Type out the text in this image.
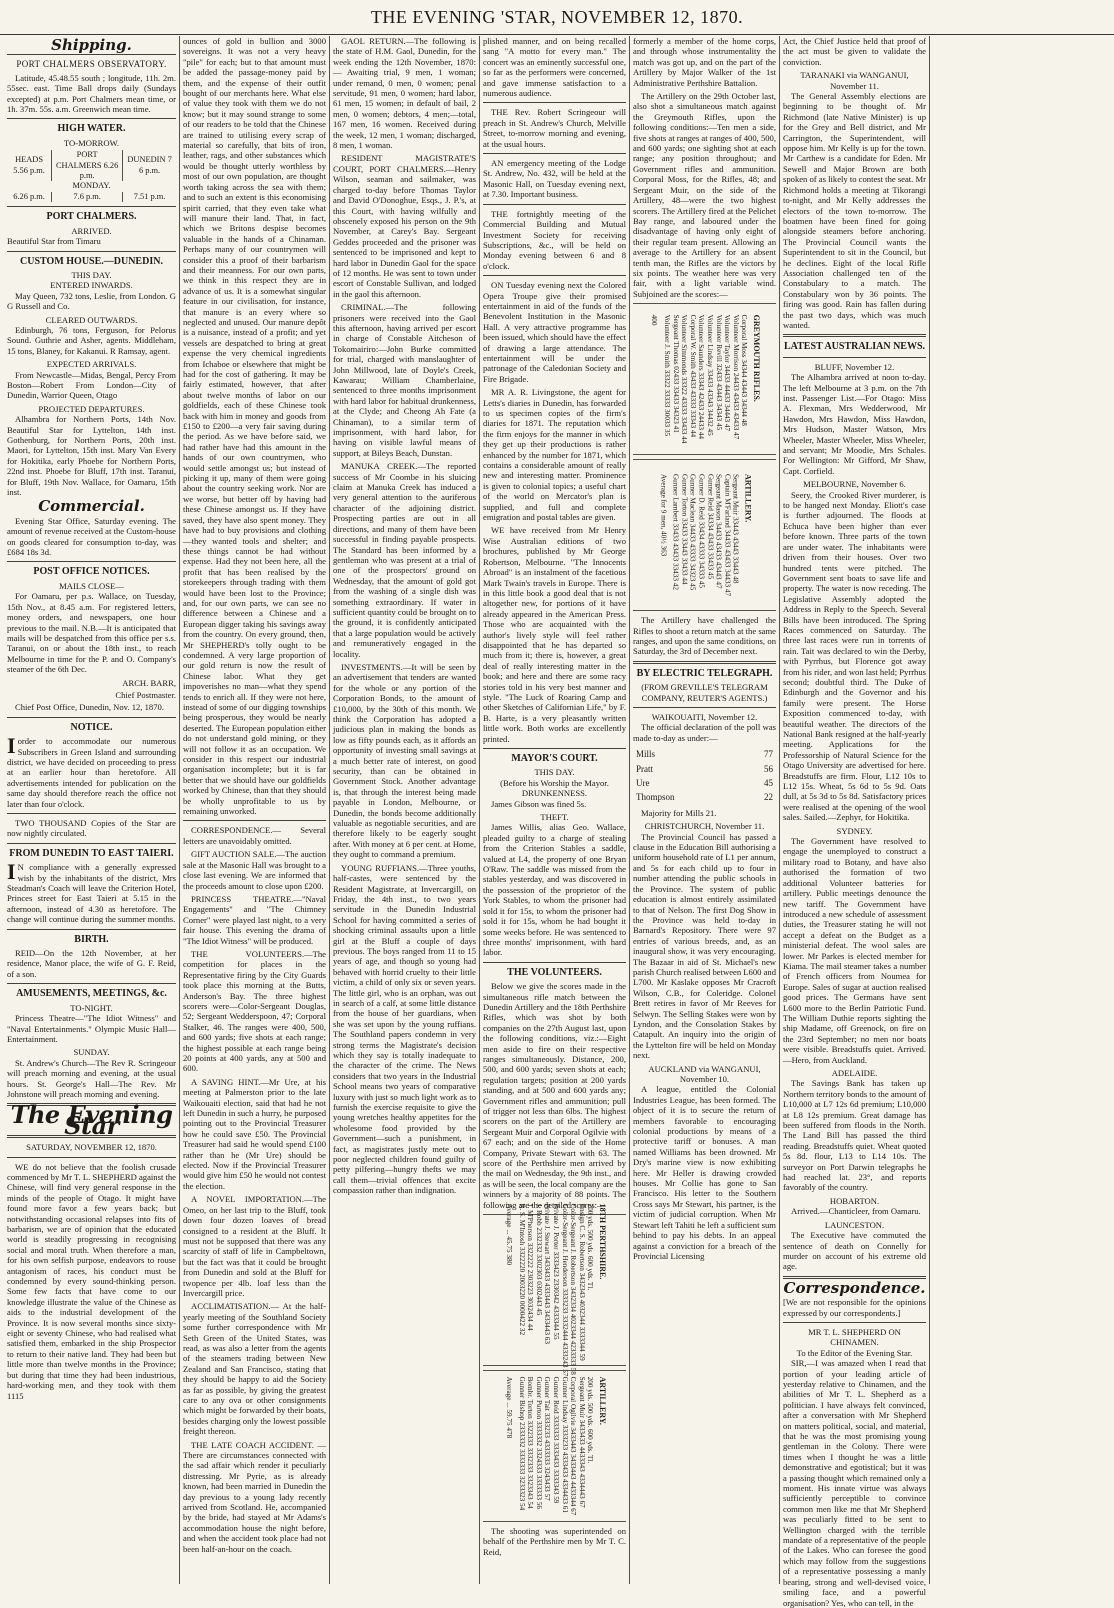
THE EVENING 'STAR, NOVEMBER 12, 1870.
Shipping.
PORT CHALMERS OBSERVATORY.

Latitude, 45.48.55 south ; longitude, 11h. 2m. 55sec. east. Time Ball drops daily (Sundays excepted) at p.m. Port Chalmers mean time, or 1h. 37m. 55s. a.m. Greenwich mean time.

HIGH WATER.
TO-MORROW.
HEADS 5.56 p.m.	PORT CHALMERS 6.26 p.m.	DUNEDIN 7 6 p.m.
MONDAY.		
6.26 p.m.	7.6 p.m.	7.51 p.m.
PORT CHALMERS.
ARRIVED.

Beautiful Star from Timaru

CUSTOM HOUSE.—DUNEDIN.
THIS DAY.
ENTERED INWARDS.

May Queen, 732 tons, Leslie, from London. G G Russell and Co.

CLEARED OUTWARDS.

Edinburgh, 76 tons, Ferguson, for Pelorus Sound. Guthrie and Asher, agents. Middleham, 15 tons, Blaney, for Kakanui. R Ramsay, agent.

EXPECTED ARRIVALS.

From Newcastle—Midas, Bengal, Percy From Boston—Robert From London—City of Dunedin, Warrior Queen, Otago

PROJECTED DEPARTURES.

Alhambra for Northern Ports, 14th Nov. Beautiful Star for Lyttelton, 14th inst. Gothenburg, for Northern Ports, 20th inst. Maori, for Lyttelton, 15th inst. Mary Van Every for Hokitika, early Phoebe for Northern Ports, 22nd inst. Phoebe for Bluff, 17th inst. Taranui, for Bluff, 19th Nov. Wallace, for Oamaru, 15th inst.

Commercial.

Evening Star Office, Saturday evening. The amount of revenue received at the Custom-house on goods cleared for consumption to-day, was £684 18s 3d.

POST OFFICE NOTICES.
MAILS CLOSE—

For Oamaru, per p.s. Wallace, on Tuesday, 15th Nov., at 8.45 a.m. For registered letters, money orders, and newspapers, one hour previous to the mail. N.B.—It is anticipated that mails will be despatched from this office per s.s. Taranui, on or about the 18th inst., to reach Melbourne in time for the P. and O. Company's steamer of the 6th Dec.

ARCH. BARR,
Chief Postmaster.

Chief Post Office, Dunedin, Nov. 12, 1870.

NOTICE.

Iorder to accommodate our numerous Subscribers in Green Island and surrounding district, we have decided on proceeding to press at an earlier hour than heretofore. All advertisements intended for publication on the same day should therefore reach the office not later than four o'clock.

TWO THOUSAND Copies of the Star are now nightly circulated.

FROM DUNEDIN TO EAST TAIERI.

I N compliance with a generally expressed wish by the inhabitants of the district, Mrs Steadman's Coach will leave the Criterion Hotel, Princes street for East Taieri at 5.15 in the afternoon, instead of 4.30 as heretofore. The change will continue during the summer months.

BIRTH.

REID—On the 12th November, at her residence, Manor place, the wife of G. F. Reid, of a son.

AMUSEMENTS, MEETINGS, &c.
TO-NIGHT.

Princess Theatre—"The Idiot Witness" and "Naval Entertainments." Olympic Music Hall—Entertainment.

SUNDAY.

St. Andrew's Church—The Rev R. Scringeour will preach morning and evening, at the usual hours. St. George's Hall—The Rev. Mr Johnstone will preach morning and evening.

The Evening Star
SATURDAY, NOVEMBER 12, 1870.

WE do not believe that the foolish crusade commenced by Mr T. L. SHEPHERD against the Chinese, will find very general response in the minds of the people of Otago. It might have found more favor a few years back; but notwithstanding occasional relapses into fits of barbarism, we are of opinion that the educated world is steadily progressing in recognising social and moral truth. When therefore a man, for his own selfish purpose, endeavors to rouse antagonism of races, his conduct must be condemned by every sound-thinking person. Some few facts that have come to our knowledge illustrate the value of the Chinese as aids to the industrial development of the Province. It is now several months since sixty-eight or seventy Chinese, who had realised what satisfied them, embarked in the ship Prospector to return to their native land. They had been but little more than twelve months in the Province; but during that time they had been industrious, hard-working men, and they took with them 1115

ounces of gold in bullion and 3000 sovereigns. It was not a very heavy "pile" for each; but to that amount must be added the passage-money paid by them, and the expense of their outfit bought of our merchants here. What else of value they took with them we do not know; but it may sound strange to some of our readers to be told that the Chinese are trained to utilising every scrap of material so carefully, that bits of iron, leather, rags, and other substances which would be thought utterly worthless by most of our own population, are thought worth taking across the sea with them; and to such an extent is this economising spirit carried, that they even take what will manure their land. That, in fact, which we Britons despise becomes valuable in the hands of a Chinaman. Perhaps many of our countrymen will consider this a proof of their barbarism and their meanness. For our own parts, we think in this respect they are in advance of us. It is a somewhat singular feature in our civilisation, for instance, that manure is an every where so neglected and unused. Our manure depôt is a nuisance, instead of a profit; and yet vessels are despatched to bring at great expense the very chemical ingredients from Ichaboe or elsewhere that might be had for the cost of gathering. It may be fairly estimated, however, that after about twelve months of labor on our goldfields, each of these Chinese took back with him in money and goods from £150 to £200—a very fair saving during the period. As we have before said, we had rather have had this amount in the hands of our own countrymen, who would settle amongst us; but instead of picking it up, many of them were going about the country seeking work. Nor are we worse, but better off by having had these Chinese amongst us. If they have saved, they have also spent money. They have had to buy provisions and clothing—they wanted tools and shelter; and these things cannot be had without expense. Had they not been here, all the profit that has been realised by the storekeepers through trading with them would have been lost to the Province; and, for our own parts, we can see no difference between a Chinese and a European digger taking his savings away from the country. On every ground, then, Mr SHEPHERD's tolly ought to be condemned. A very large proportion of our gold return is now the result of Chinese labor. What they get impoverishes no man—what they spend tends to enrich all. If they were not here, instead of some of our digging townships being prosperous, they would be nearly deserted. The European population either do not understand gold mining, or they will not follow it as an occupation. We consider in this respect our industrial organisation incomplete; but it is far better that we should have our goldfields worked by Chinese, than that they should be wholly unprofitable to us by remaining unworked.

CORRESPONDENCE.— Several letters are unavoidably omitted.

GIFT AUCTION SALE.—The auction sale at the Masonic Hall was brought to a close last evening. We are informed that the proceeds amount to close upon £200.

PRINCESS THEATRE.—"Naval Engagements" and "The Chimney Corner" were played last night, to a very fair house. This evening the drama of "The Idiot Witness" will be produced.

THE VOLUNTEERS.—The competition for places in the Representative firing by the City Guards took place this morning at the Butts, Anderson's Bay. The three highest scorers were—Color-Sergeant Douglas, 52; Sergeant Wedderspoon, 47; Corporal Stalker, 46. The ranges were 400, 500, and 600 yards; five shots at each range; the highest possible at each range being 20 points at 400 yards, any at 500 and 600.

A SAVING HINT.—Mr Ure, at his meeting at Palmerston prior to the late Waikouaiti election, said that had he not left Dunedin in such a hurry, he purposed pointing out to the Provincial Treasurer how he could save £50. The Provincial Treasurer had said he would spend £100 rather than he (Mr Ure) should be elected. Now if the Provincial Treasurer would give him £50 he would not contest the election.

A NOVEL IMPORTATION.—The Omeo, on her last trip to the Bluff, took down four dozen loaves of bread consigned to a resident at the Bluff. It must not be supposed that there was any scarcity of staff of life in Campbeltown, but the fact was that it could be brought from Dunedin and sold at the Bluff for twopence per 4lb. loaf less than the Invercargill price.

ACCLIMATISATION.— At the half-yearly meeting of the Southland Society some further correspondence with Mr Seth Green of the United States, was read, as was also a letter from the agents of the steamers trading between New Zealand and San Francisco, stating that they should be happy to aid the Society as far as possible, by giving the greatest care to any ova or other consignments which might be forwarded by their boats, besides charging only the lowest possible freight thereon.

THE LATE COACH ACCIDENT. — There are circumstances connected with the sad affair which render it peculiarly distressing. Mr Pyrie, as is already known, had been married in Dunedin the day previous to a young lady recently arrived from Scotland. He, accompanied by the bride, had stayed at Mr Adams's accommodation house the night before, and when the accident took place had not been half-an-hour on the coach.

GAOL RETURN.—The following is the state of H.M. Gaol, Dunedin, for the week ending the 12th November, 1870:— Awaiting trial, 9 men, 1 woman; under remand, 0 men, 0 women; penal servitude, 91 men, 0 women; hard labor, 61 men, 15 women; in default of bail, 2 men, 0 women; debtors, 4 men;—total, 167 men, 16 women. Received during the week, 12 men, 1 woman; discharged, 8 men, 1 woman.

RESIDENT MAGISTRATE'S COURT, PORT CHALMERS.—Henry Wilson, seaman and sailmaker, was charged to-day before Thomas Taylor and David O'Donoghue, Esqs., J. P.'s, at this Court, with having wilfully and obscenely exposed his person on the 9th November, at Carey's Bay. Sergeant Geddes proceeded and the prisoner was sentenced to be imprisoned and kept to hard labor in Dunedin Gaol for the space of 12 months. He was sent to town under escort of Constable Sullivan, and lodged in the gaol this afternoon.

CRIMINAL.—The following prisoners were received into the Gaol this afternoon, having arrived per escort in charge of Constable Aitcheson of Tokomairiro:—John Burke committed for trial, charged with manslaughter of John Millwood, late of Doyle's Creek, Kawarau; William Chamberlaine, sentenced to three months imprisonment with hard labor for habitual drunkenness, at the Clyde; and Cheong Ah Fate (a Chinaman), to a similar term of imprisonment, with hard labor, for having on visible lawful means of support, at Bileys Beach, Dunstan.

MANUKA CREEK.—The reported success of Mr Coombe in his sluicing claim at Manuka Creek has induced a very general attention to the auriferous character of the adjoining district. Prospecting parties are out in all directions, and many of them have been successful in finding payable prospects. The Standard has been informed by a gentleman who was present at a trial of one of the prospectors' ground on Wednesday, that the amount of gold got from the washing of a single dish was something extraordinary. If water in sufficient quantity could be brought on to the ground, it is confidently anticipated that a large population would be actively and remuneratively engaged in the locality.

INVESTMENTS.—It will be seen by an advertisement that tenders are wanted for the whole or any portion of the Corporation Bonds, to the amount of £10,000, by the 30th of this month. We think the Corporation has adopted a judicious plan in making the bonds as low as fifty pounds each, as it affords an opportunity of investing small savings at a much better rate of interest, on good security, than can be obtained in Government Stock. Another advantage is, that through the interest being made payable in London, Melbourne, or Dunedin, the bonds become additionally valuable as negotiable securities, and are therefore likely to be eagerly sought after. With money at 6 per cent. at Home, they ought to command a premium.

YOUNG RUFFIANS.—Three youths, half-castes, were sentenced by the Resident Magistrate, at Invercargill, on Friday, the 4th inst., to two years servitude in the Dunedin Industrial School for having committed a series of shocking criminal assaults upon a little girl at the Bluff a couple of days previous. The boys ranged from 11 to 15 years of age, and though so young had behaved with horrid cruelty to their little victim, a child of only six or seven years. The little girl, who is an orphan, was out in search of a calf, at some little distance from the house of her guardians, when she was set upon by the young ruffians. The Southland papers condemn in very strong terms the Magistrate's decision which they say is totally inadequate to the character of the crime. The News considers that two years in the Industrial School means two years of comparative luxury with just so much light work as to furnish the exercise requisite to give the young wretches healthy appetites for the wholesome food provided by the Government—such a punishment, in fact, as magistrates justly mete out to poor neglected children found guilty of petty pilfering—hungry thefts we may call them—trivial offences that excite compassion rather than indignation.

plished manner, and on being recalled sang "A motto for every man." The concert was an eminently successful one, so far as the performers were concerned, and gave immense satisfaction to a numerous audience.

THE Rev. Robert Scringeour will preach in St. Andrew's Church, Melville Street, to-morrow morning and evening, at the usual hours.

AN emergency meeting of the Lodge St. Andrew, No. 432, will be held at the Masonic Hall, on Tuesday evening next, at 7.30. Important business.

THE fortnightly meeting of the Commercial Building and Mutual Investment Society for receiving Subscriptions, &c., will be held on Monday evening between 6 and 8 o'clock.

ON Tuesday evening next the Colored Opera Troupe give their promised entertainment in aid of the funds of the Benevolent Institution in the Masonic Hall. A very attractive programme has been issued, which should have the effect of drawing a large attendance. The entertainment will be under the patronage of the Caledonian Society and Fire Brigade.

MR A. R. Livingstone, the agent for Letts's diaries in Dunedin, has forwarded to us specimen copies of the firm's diaries for 1871. The reputation which the firm enjoys for the manner in which they get up their productions is rather enhanced by the number for 1871, which contains a considerable amount of really new and interesting matter. Prominence is given to colonial topics; a useful chart of the world on Mercator's plan is supplied, and full and complete emigration and postal tables are given.

WE have received from Mr Henry Wise Australian editions of two brochures, published by Mr George Robertson, Melbourne. "The Innocents Abroad" is an instalment of the facetious Mark Twain's travels in Europe. There is in this little book a good deal that is not altogether new, for portions of it have already appeared in the American Press. Those who are acquainted with the author's lively style will feel rather disappointed that he has departed so much from it; there is, however, a great deal of really interesting matter in the book; and here and there are some racy stories told in his very best manner and style. "The Luck of Roaring Camp and other Sketches of Californian Life," by F. B. Harte, is a very pleasantly written little work. Both works are excellently printed.

MAYOR'S COURT.
THIS DAY.
(Before his Worship the Mayor.
DRUNKENNESS.

James Gibson was fined 5s.

THEFT.

James Willis, alias Geo. Wallace, pleaded guilty to a charge of stealing from the Criterion Stables a saddle, valued at L4, the property of one Bryan O'Raw. The saddle was missed from the stables yesterday, and was discovered in the possession of the proprietor of the York Stables, to whom the prisoner had sold it for 15s, to whom the prisoner had sold it for 15s, whom he had bought it some weeks before. He was sentenced to three months' imprisonment, with hard labor.

THE VOLUNTEERS.

Below we give the scores made in the simultaneous rifle match between the Dunedin Artillery and the 18th Perthshire Rifles, which was shot by both companies on the 27th August last, upon the following conditions, viz.:—Eight men aside to fire on their respective ranges simultaneously. Distance, 200, 500, and 600 yards; seven shots at each; regulation targets; position at 200 yards standing, and at 500 and 600 yards any; Government rifles and ammunition; pull of trigger not less than 6lbs. The highest scorers on the part of the Artillery are Sergeant Muir and Corporal Ogilvie with 67 each; and on the side of the Home Company, Private Stewart with 63. The score of the Perthshire men arrived by the mail on Wednesday, the 9th inst., and as will be seen, the local company are the winners by a majority of 88 points. The following are the detailed scores:—

18TH PERTHSHIRE.
200 yds. 500 yds. 600 yds. Tl.
Ensign C. S. Robertson 3432343 4032344 3333344 59
Color-Sergeant J. Robertson 3432334 4023344 4233333 58
Color-Sergeant J. Henderson 3333233 3332444 4333243 57
Private J. Porter 3333423 2330342 4333344 55
Private J. Stewart 3433433 4333443 3433443 63
J. Robb 2332332 3302303 0302443 45
J. M'Pherson 3322222 2303223 3032434 44
R. S. M'Intosh 3322220 2003220 0000422 32
Average ... 45.75 380
ARTILLERY.
200 yds. 500 yds. 600 yds. Tl.
Sergeant Muir 3433433 4433343 4334443 67
Corporal Ogilvie 3433443 3433443 4433344 67
Gunner Lindsay 3333233 4333433 4334433 61
Gunner Reid 3333333 3333433 3333343 59
Gunner Tait 3333233 4333333 3243433 57
Gunner Purton 3333332 3324333 3333333 56
Bombr. Torton 3322333 3332333 3323343 54
Gunner Bishop 2333332 3333333 3233323 54
Average ... 59.75 478

The shooting was superintended on behalf of the Perthshire men by Mr T. C. Reid,

formerly a member of the home corps, and through whose instrumentality the match was got up, and on the part of the Artillery by Major Walker of the 1st Administrative Perthshire Battalion.

The Artillery on the 29th October last, also shot a simultaneous match against the Greymouth Rifles, upon the following conditions:—Ten men a side, five shots at ranges at ranges of 400, 500, and 600 yards; one sighting shot at each range; any position throughout; and Government rifles and ammunition. Corporal Moss, for the Rifles, 48; and Sergeant Muir, on the side of the Artillery, 48—were the two highest scorers. The Artillery fired at the Pelichet Bay range, and laboured under the disadvantage of having only eight of their regular team present. Allowing an average to the Artillery for an absent tenth man, the Rifles are the victors by six points. The weather here was very fair, with a light variable wind. Subjoined are the scores:—

GREYMOUTH RIFLES.
Corporal Moss 34344 43443 34344 48
Volunteer Morrison 24433 43433 43433 47
Volunteer Taylor 34433 44433 34443 47
Volunteer Revill 32433 43443 34343 45
Volunteer Lindsay 33433 43343 34432 45
Volunteer Saunders 33343 42433 24433 44
Corporal W. Smith 43433 43333 33343 44
Volunteer Simmonds 33322 43333 33433 44
Sergeant Thomas 02433 33433 34323 41
Volunteer J. Smith 33322 33333 30033 35
400
ARTILLERY.
Sergeant Muir 33443 43443 33443 48
Captain M'Farland 34433 43433 34433 47
Sergeant Mason 34433 43433 43443 47
Gunner Reid 34334 43433 33433 45
Gunner D. Reid 33434 43333 34333 45
Gunner Maclean 34433 43333 34323 45
Gunner Torton 33433 33443 33433 44
Gunner Lambert 33433 43433 33433 42
Average for 9 men, 40½ 363

The Artillery have challenged the Rifles to shoot a return match at the same ranges, and upon the same conditions, on Saturday, the 3rd of December next.

BY ELECTRIC TELEGRAPH.
(FROM GREVILLE'S TELEGRAM COMPANY, REUTER'S AGENTS.)
WAIKOUAITI, November 12.

The official declaration of the poll was made to-day as under:—

Mills	77
Pratt	56
Ure	45
Thompson	22

Majority for Mills 21.

CHRISTCHURCH, November 11.

The Provincial Council has passed a clause in the Education Bill authorising a uniform household rate of L1 per annum, and 5s for each child up to four in number attending the public schools in the Province. The system of public education is almost entirely assimilated to that of Nelson. The first Dog Show in the Province was held to-day in Barnard's Repository. There were 97 entries of various breeds, and, as an inaugural show, it was very encouraging. The Bazaar in aid of St. Michael's new parish Church realised between L600 and L700. Mr Kaslake opposes Mr Cracroft Wilson, C.B., for Coleridge. Colonel Brett retires in favor of Mr Reeves for Selwyn. The Selling Stakes were won by Lyndon, and the Consolation Stakes by Catapult. An inquiry into the origin of the Lyttelton fire will be held on Monday next.

AUCKLAND via WANGANUI, November 10.

A league, entitled the Colonial Industries League, has been formed. The object of it is to secure the return of members favorable to encouraging colonial productions by means of a protective tariff or bonuses. A man named Williams has been drowned. Mr Dry's marine view is now exhibiting here. Mr Heller is drawing crowded houses. Mr Collie has gone to San Francisco. His letter to the Southern Cross says Mr Stewart, his partner, is the victim of judicial corruption. When Mr Stewart left Tahiti he left a sufficient sum behind to pay his debts. In an appeal against a conviction for a breach of the Provincial Licensing

Act, the Chief Justice held that proof of the act must be given to validate the conviction.

TARANAKI via WANGANUI, November 11.

The General Assembly elections are beginning to be thought of. Mr Richmond (late Native Minister) is up for the Grey and Bell district, and Mr Carrington, the Superintendent, will oppose him. Mr Kelly is up for the town. Mr Carthew is a candidate for Eden. Mr Sewell and Major Brown are both spoken of as likely to contest the seat. Mr Richmond holds a meeting at Tikorangi to-night, and Mr Kelly addresses the electors of the town to-morrow. The boatmen have been fined for going alongside steamers before anchoring. The Provincial Council wants the Superintendent to sit in the Council, but he declines. Eight of the local Rifle Association challenged ten of the Constabulary to a match. The Constabulary won by 36 points. The firing was good. Rain has fallen during the past two days, which was much wanted.

LATEST AUSTRALIAN NEWS.
BLUFF, November 12.

The Alhambra arrived at noon to-day. The left Melbourne at 3 p.m. on the 7th inst. Passenger List.—For Otago: Miss A. Flexman, Mrs Wedderwood, Mr Hawdon, Mrs Hawdon, Miss Hawdon, Mrs Hudson, Master Watson, Mrs Wheeler, Master Wheeler, Miss Wheeler, and servant; Mr Moodie, Mrs Schales. For Wellington: Mr Gifford, Mr Shaw, Capt. Corfield.

MELBOURNE, November 6.

Seery, the Crooked River murderer, is to be hanged next Monday. Eliott's case is further adjourned. The floods at Echuca have been higher than ever before known. Three parts of the town are under water. The inhabitants were driven from their houses. Over two hundred tents were pitched. The Government sent boats to save life and property. The water is now receding. The Legislative Assembly adopted the Address in Reply to the Speech. Several Bills have been introduced. The Spring Races commenced on Saturday. The three last races were run in torrents of rain. Tait was declared to win the Derby, with Pyrrhus, but Florence got away from his rider, and won last held; Pyrrhus second; doubtful third. The Duke of Edinburgh and the Governor and his family were present. The Horse Exposition commenced to-day, with beautiful weather. The directors of the National Bank resigned at the half-yearly meeting. Applications for the Professorship of Natural Science for the Otago University are advertised for here. Breadstuffs are firm. Flour, L12 10s to L12 15s. Wheat, 5s 6d to 5s 9d. Oats dull, at 5s 3d to 5s 8d. Satisfactory prices were realised at the opening of the wool sales. Sailed.—Zephyr, for Hokitika.

SYDNEY.

The Government have resolved to engage the unemployed to construct a military road to Botany, and have also authorised the formation of two additional Volunteer batteries for artillery. Public meetings denounce the new tariff. The Government have introduced a new schedule of assessment duties, the Treasurer stating he will not accept a defeat on the Budget as a ministerial defeat. The wool sales are lower. Mr Parkes is elected member for Kiama. The mail steamer takes a number of French officers from Noumea for Europe. Sales of sugar at auction realised good prices. The Germans have sent L600 more to the Berlin Patriotic Fund. The William Duthie reports sighting the ship Madame, off Greenock, on fire on the 23rd September; no men nor boats were visible. Breadstuffs quiet. Arrived.—Hero, from Auckland.

ADELAIDE.

The Savings Bank has taken up Northern territory bonds to the amount of L10,000 at L7 12s 6d premium; L10,000 at L8 12s premium. Great damage has been suffered from floods in the North. The Land Bill has passed the third reading. Breadstuffs quiet. Wheat quoted 5s 8d. flour, L13 to L14 10s. The surveyor on Port Darwin telegraphs he had reached lat. 23°, and reports favorably of the country.

HOBARTON.

Arrived.—Chanticleer, from Oamaru.

LAUNCESTON.

The Executive have commuted the sentence of death on Connelly for murder on account of his extreme old age.

Correspondence.

[We are not responsible for the opinions expressed by our correspondents.]

MR T. L. SHEPHERD ON CHINAMEN.
To the Editor of the Evening Star.

SIR,—I was amazed when I read that portion of your leading article of yesterday relative to Chinamen, and the abilities of Mr T. L. Shepherd as a politician. I have always felt convinced, after a conversation with Mr Shepherd on matters political, social, and material, that he was the most promising young gentleman in the Colony. There were times when I thought he was a little demonstrative and egotistical; but it was a passing thought which remained only a moment. His innate virtue was always sufficiently perceptible to convince common men like me that Mr Shepherd was peculiarly fitted to be sent to Wellington charged with the terrible mandate of a representative of the people of the Lakes. Who can foresee the good which may follow from the suggestions of a representative possessing a manly bearing, strong and well-devised voice, smiling face, and a powerful organisation? Yes, who can tell, in the
